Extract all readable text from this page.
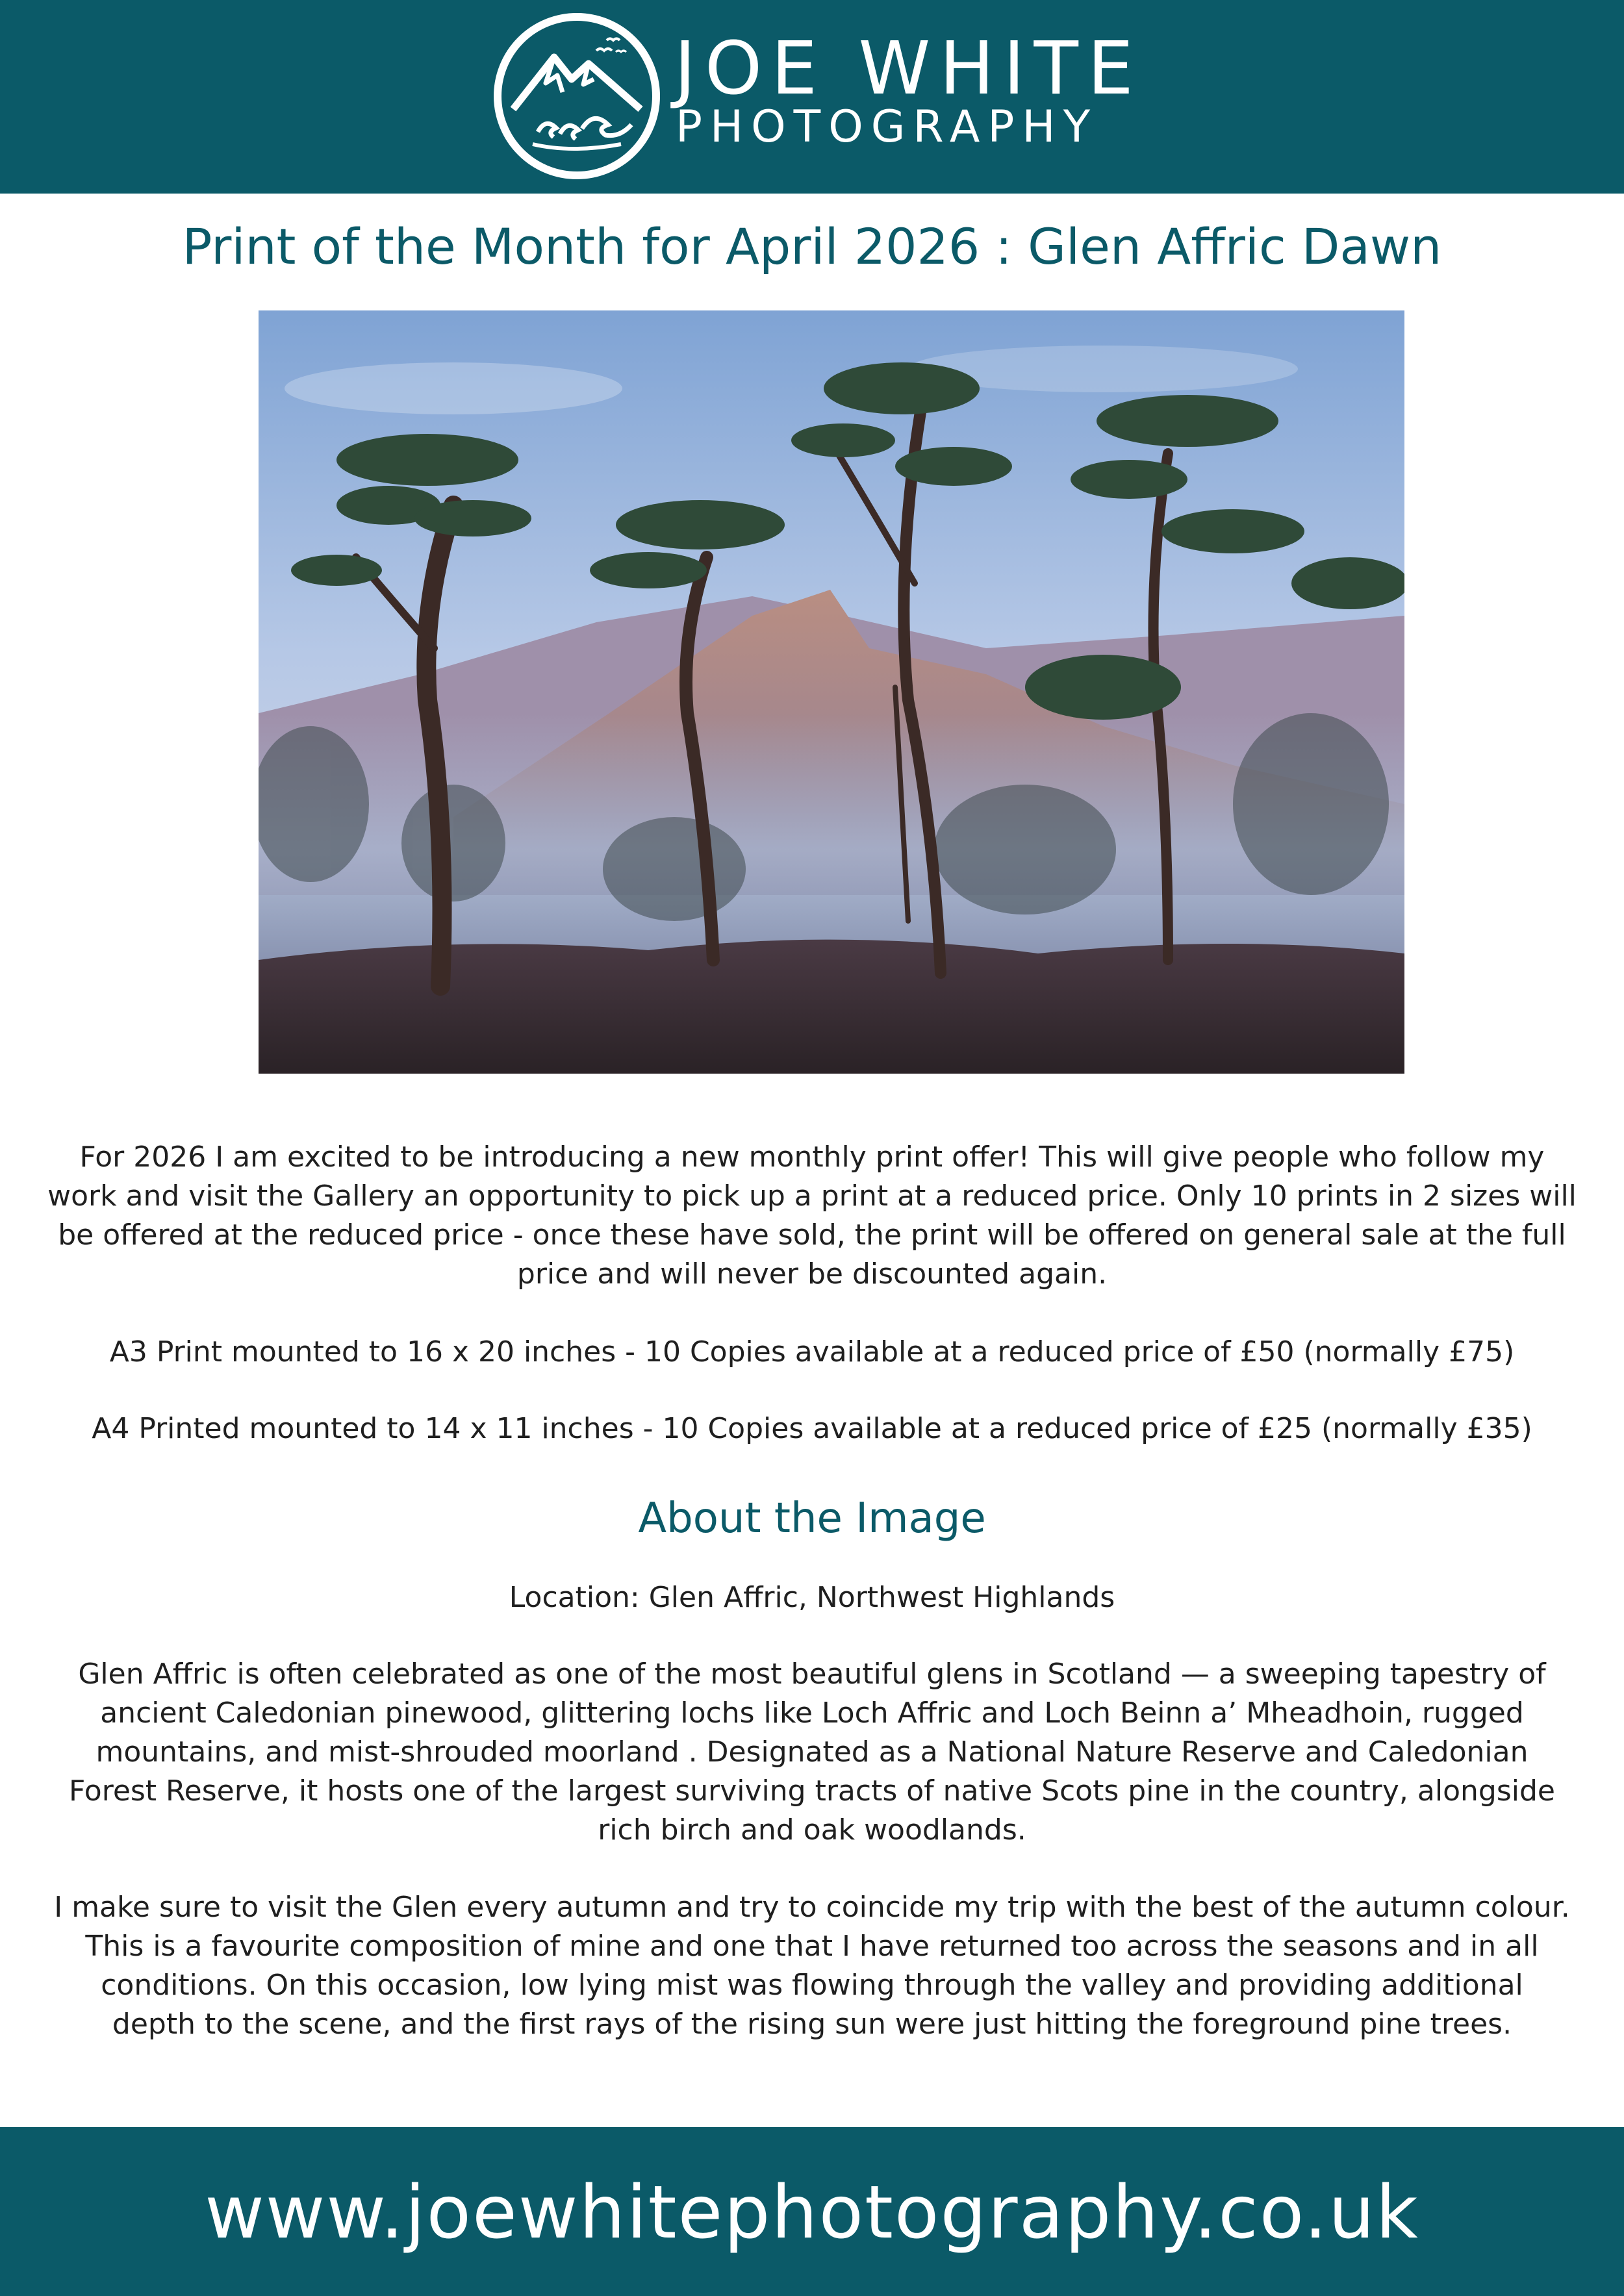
JOE WHITE
PHOTOGRAPHY
Print of the Month for April 2026 : Glen Affric Dawn
For 2026 I am excited to be introducing a new monthly print offer! This will give people who follow my
work and visit the Gallery an opportunity to pick up a print at a reduced price. Only 10 prints in 2 sizes will
be offered at the reduced price - once these have sold, the print will be offered on general sale at the full
price and will never be discounted again.
A3 Print mounted to 16 x 20 inches - 10 Copies available at a reduced price of £50 (normally £75)
A4 Printed mounted to 14 x 11 inches - 10 Copies available at a reduced price of £25 (normally £35)
About the Image
Location: Glen Affric, Northwest Highlands
Glen Affric is often celebrated as one of the most beautiful glens in Scotland — a sweeping tapestry of
ancient Caledonian pinewood, glittering lochs like Loch Affric and Loch Beinn a’ Mheadhoin, rugged
mountains, and mist-shrouded moorland . Designated as a National Nature Reserve and Caledonian
Forest Reserve, it hosts one of the largest surviving tracts of native Scots pine in the country, alongside
rich birch and oak woodlands.
I make sure to visit the Glen every autumn and try to coincide my trip with the best of the autumn colour.
This is a favourite composition of mine and one that I have returned too across the seasons and in all
conditions. On this occasion, low lying mist was flowing through the valley and providing additional
depth to the scene, and the first rays of the rising sun were just hitting the foreground pine trees.
www.joewhitephotography.co.uk
